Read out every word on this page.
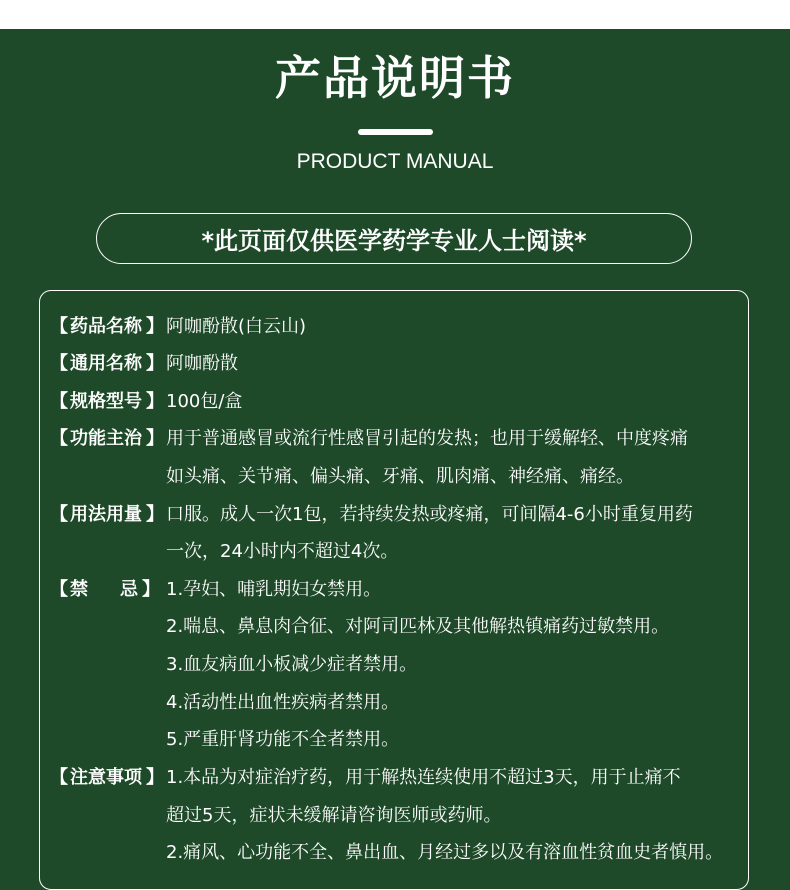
产品说明书
PRODUCT MANUAL
*此页面仅供医学药学专业人士阅读*
【 药品名称 】 阿咖酚散(白云山)
【 通用名称 】 阿咖酚散
【 规格型号 】 100包/盒
【 功能主治 】 用于普通感冒或流行性感冒引起的发热；也用于缓解轻、中度疼痛
如头痛、关节痛、偏头痛、牙痛、肌肉痛、神经痛、痛经。
【 用法用量 】 口服。成人一次1包，若持续发热或疼痛，可间隔4-6小时重复用药
一次，24小时内不超过4次。
【 禁 忌 】 1.孕妇、哺乳期妇女禁用。
2.喘息、鼻息肉合征、对阿司匹林及其他解热镇痛药过敏禁用。
3.血友病血小板减少症者禁用。
4.活动性出血性疾病者禁用。
5.严重肝肾功能不全者禁用。
【 注意事项 】 1.本品为对症治疗药，用于解热连续使用不超过3天，用于止痛不
超过5天，症状未缓解请咨询医师或药师。
2.痛风、心功能不全、鼻出血、月经过多以及有溶血性贫血史者慎用。
